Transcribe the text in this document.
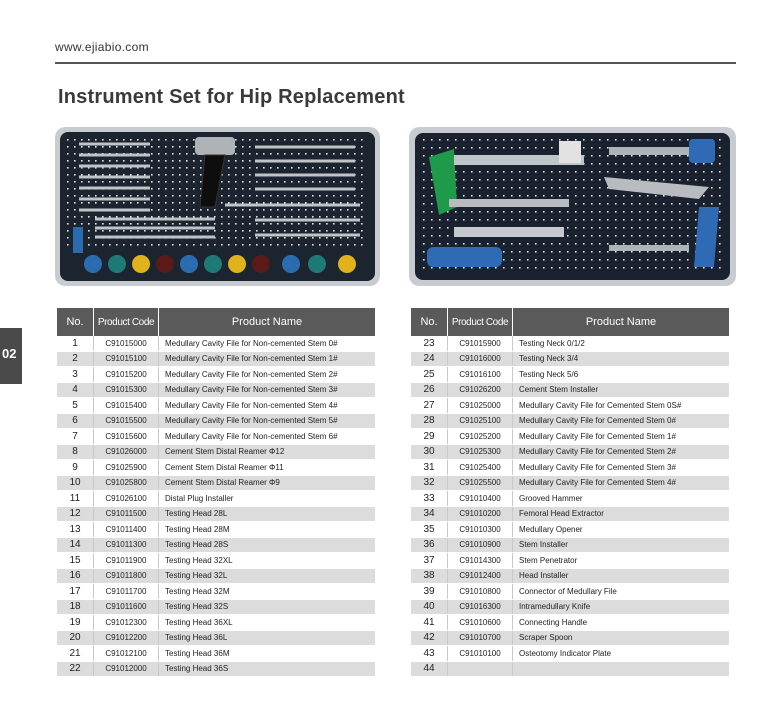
www.ejiabio.com
Instrument Set for Hip Replacement
02
No.	Product Code	Product Name
1	C91015000	Medullary Cavity File for Non-cemented Stem 0#
2	C91015100	Medullary Cavity File for Non-cemented Stem 1#
3	C91015200	Medullary Cavity File for Non-cemented Stem 2#
4	C91015300	Medullary Cavity File for Non-cemented Stem 3#
5	C91015400	Medullary Cavity File for Non-cemented Stem 4#
6	C91015500	Medullary Cavity File for Non-cemented Stem 5#
7	C91015600	Medullary Cavity File for Non-cemented Stem 6#
8	C91026000	Cement Stem Distal Reamer Φ12
9	C91025900	Cement Stem Distal Reamer Φ11
10	C91025800	Cement Stem Distal Reamer Φ9
11	C91026100	Distal Plug Installer
12	C91011500	Testing Head 28L
13	C91011400	Testing Head 28M
14	C91011300	Testing Head 28S
15	C91011900	Testing Head 32XL
16	C91011800	Testing Head 32L
17	C91011700	Testing Head 32M
18	C91011600	Testing Head 32S
19	C91012300	Testing Head 36XL
20	C91012200	Testing Head 36L
21	C91012100	Testing Head 36M
22	C91012000	Testing Head 36S
No.	Product Code	Product Name
23	C91015900	Testing Neck 0/1/2
24	C91016000	Testing Neck 3/4
25	C91016100	Testing Neck 5/6
26	C91026200	Cement Stem Installer
27	C91025000	Medullary Cavity File for Cemented Stem 0S#
28	C91025100	Medullary Cavity File for Cemented Stem 0#
29	C91025200	Medullary Cavity File for Cemented Stem 1#
30	C91025300	Medullary Cavity File for Cemented Stem 2#
31	C91025400	Medullary Cavity File for Cemented Stem 3#
32	C91025500	Medullary Cavity File for Cemented Stem 4#
33	C91010400	Grooved Hammer
34	C91010200	Femoral Head Extractor
35	C91010300	Medullary Opener
36	C91010900	Stem Installer
37	C91014300	Stem Penetrator
38	C91012400	Head Installer
39	C91010800	Connector of Medullary File
40	C91016300	Intramedullary Knife
41	C91010600	Connecting Handle
42	C91010700	Scraper Spoon
43	C91010100	Osteotomy Indicator Plate
44		
